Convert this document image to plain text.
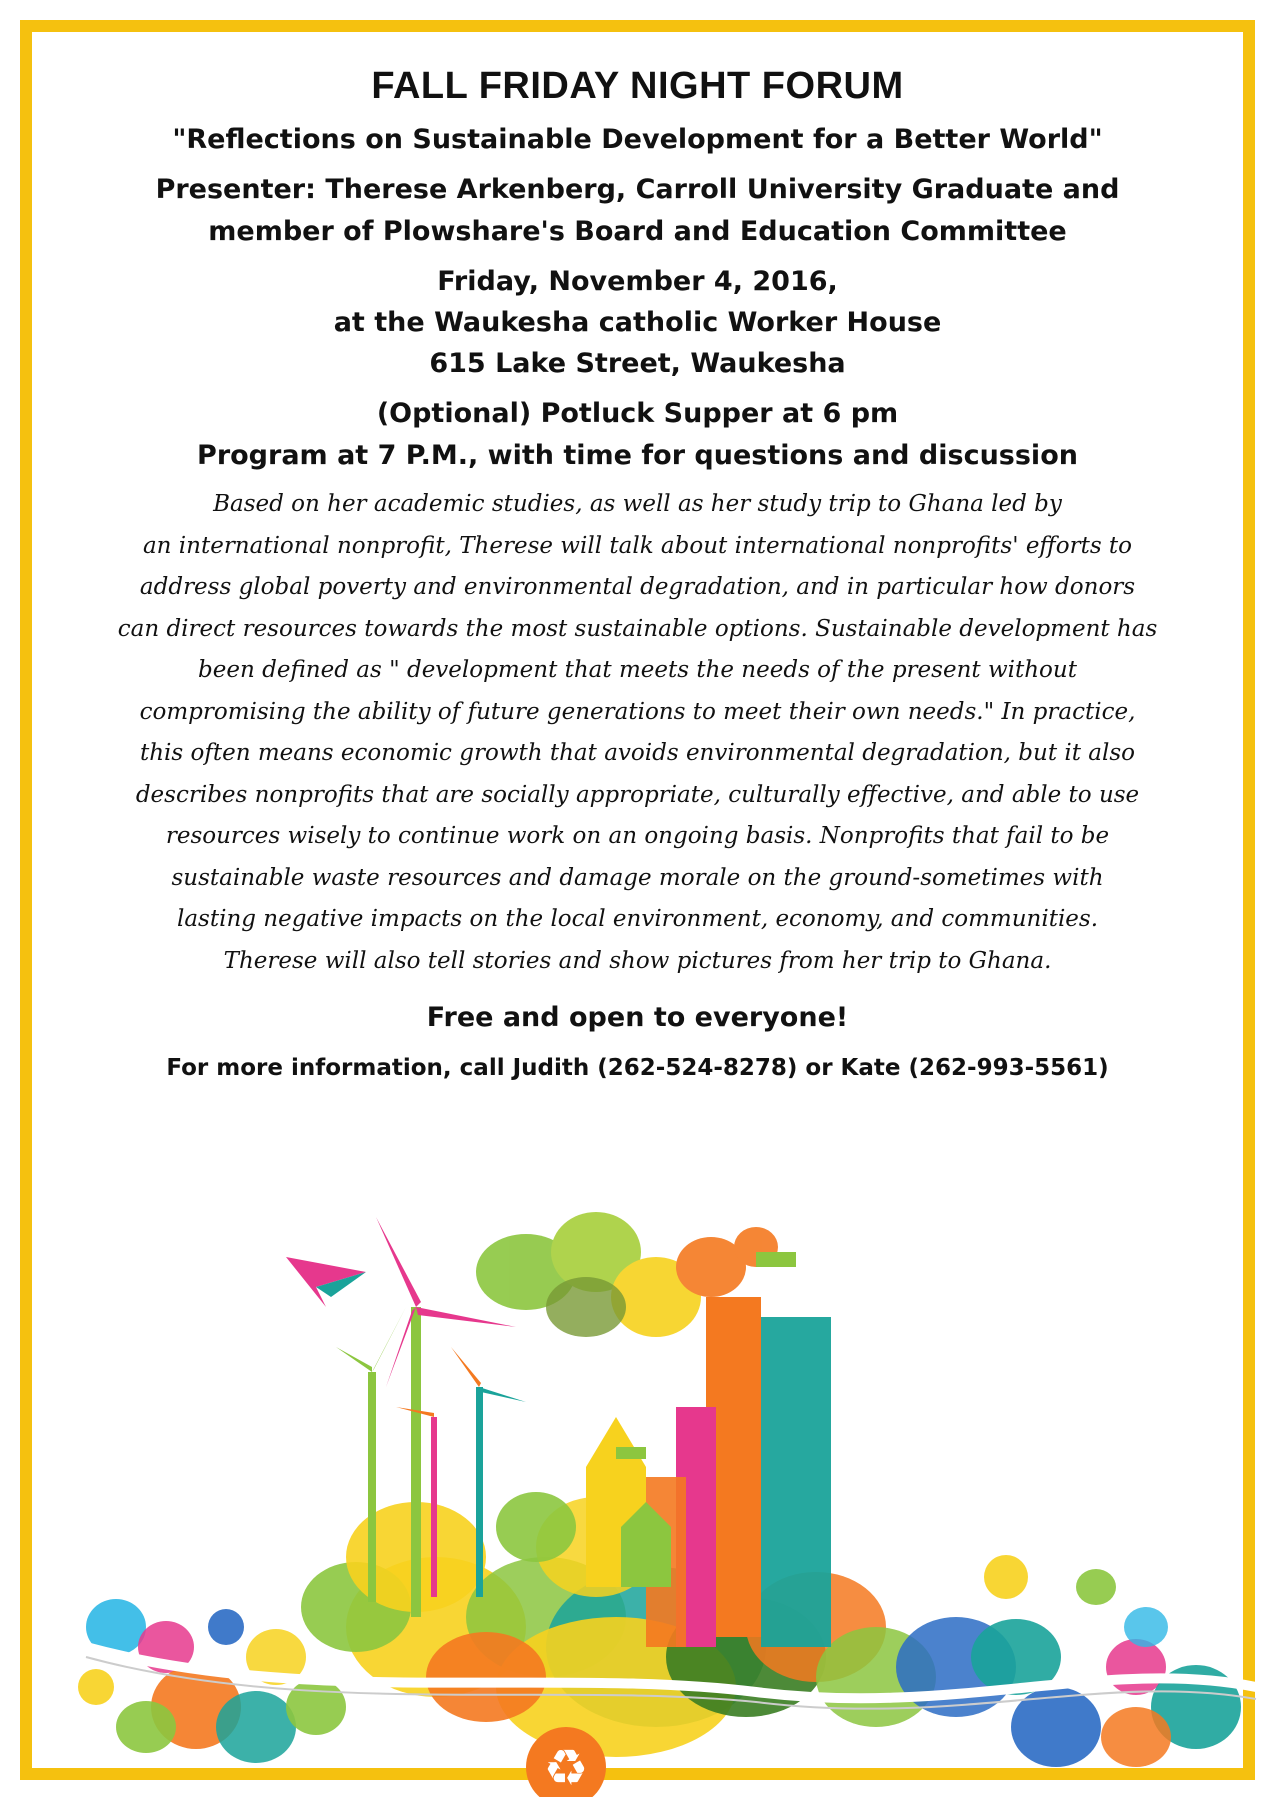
FALL FRIDAY NIGHT FORUM

"Reflections on Sustainable Development for a Better World"

Presenter: Therese Arkenberg, Carroll University Graduate and

member of Plowshare's Board and Education Committee

Friday, November 4, 2016,

at the Waukesha catholic Worker House

615 Lake Street, Waukesha

(Optional) Potluck Supper at 6 pm

Program at 7 P.M., with time for questions and discussion

Based on her academic studies, as well as her study trip to Ghana led by
an international nonprofit, Therese will talk about international nonprofits' efforts to
address global poverty and environmental degradation, and in particular how donors
can direct resources towards the most sustainable options. Sustainable development has
been defined as " development that meets the needs of the present without
compromising the ability of future generations to meet their own needs." In practice,
this often means economic growth that avoids environmental degradation, but it also
describes nonprofits that are socially appropriate, culturally effective, and able to use
resources wisely to continue work on an ongoing basis. Nonprofits that fail to be
sustainable waste resources and damage morale on the ground-sometimes with
lasting negative impacts on the local environment, economy, and communities.
Therese will also tell stories and show pictures from her trip to Ghana.

Free and open to everyone!

For more information, call Judith (262-524-8278) or Kate (262-993-5561)

♻
